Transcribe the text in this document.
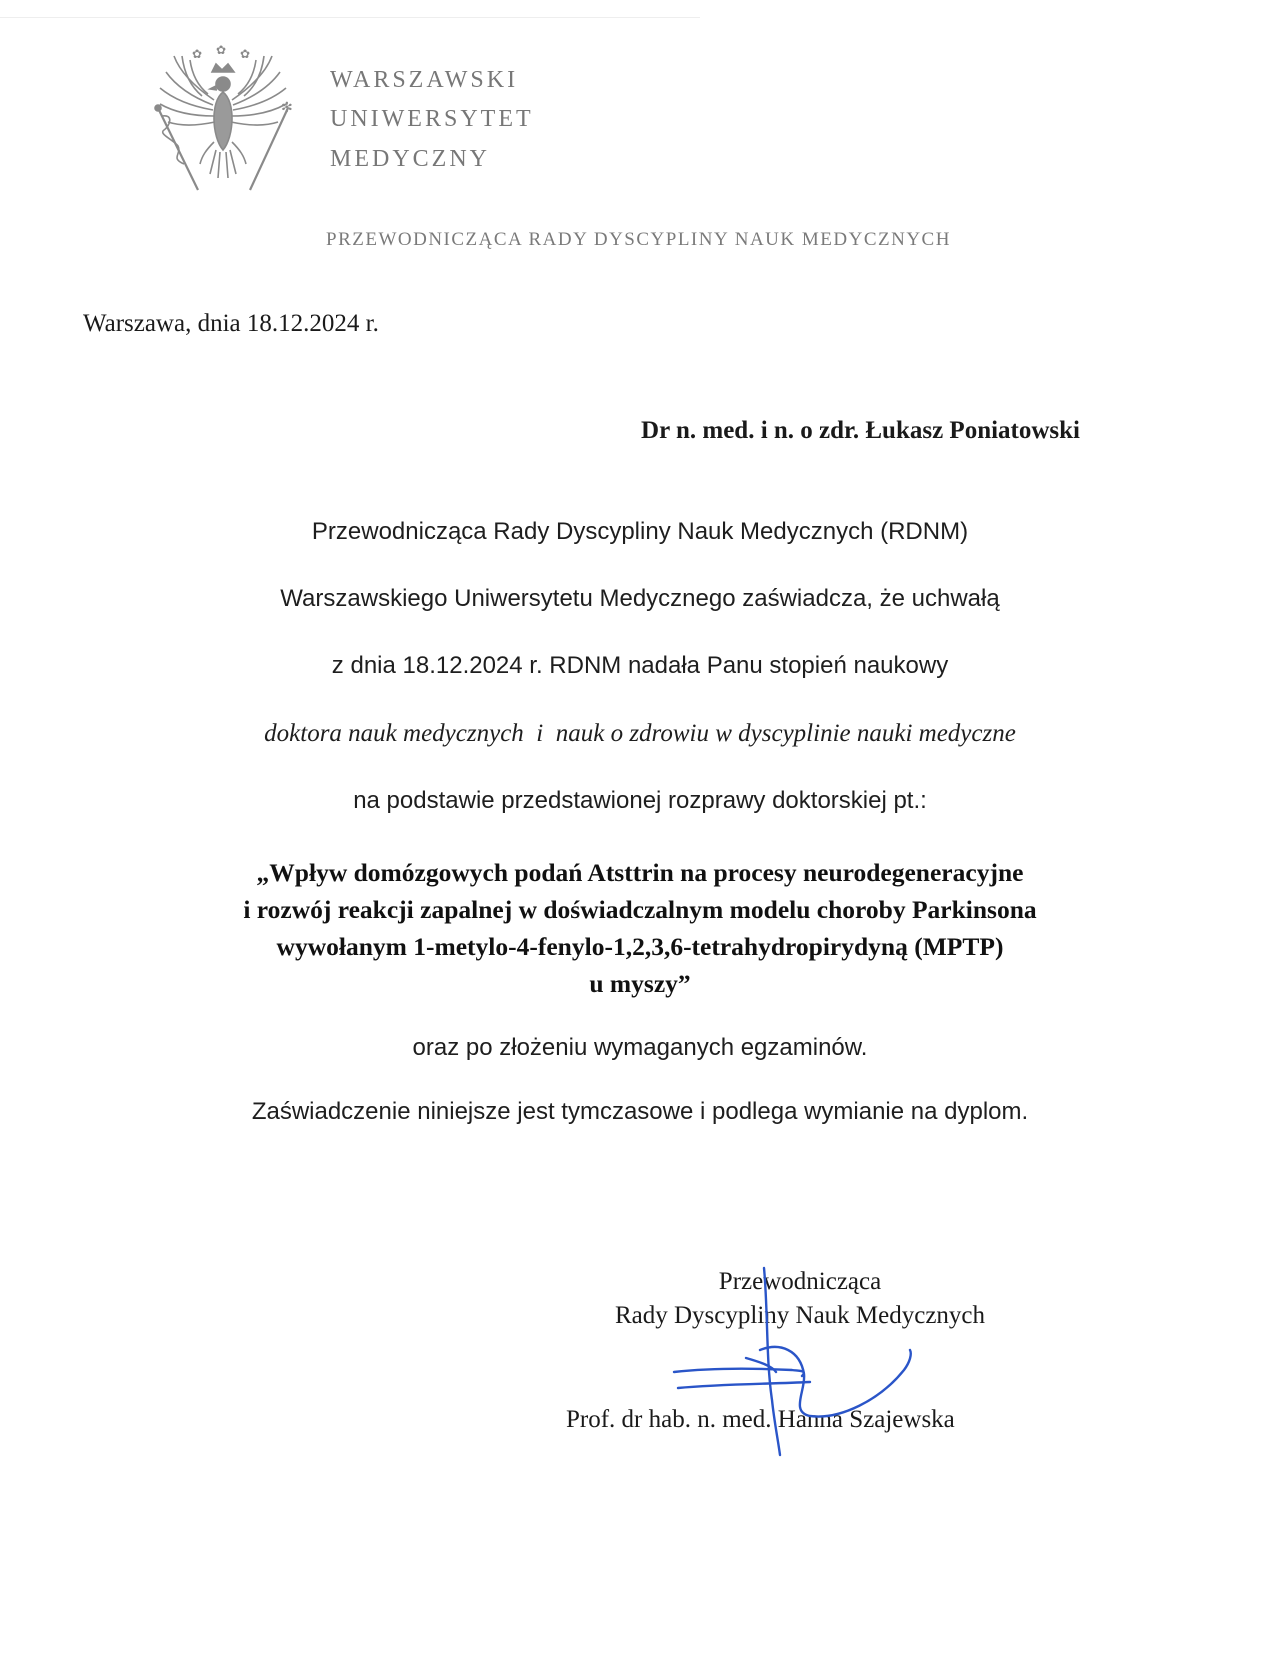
✿ ✿ ✿
✻
WARSZAWSKI
UNIWERSYTET
MEDYCZNY
PRZEWODNICZĄCA RADY DYSCYPLINY NAUK MEDYCZNYCH
Warszawa, dnia 18.12.2024 r.
Dr n. med. i n. o zdr. Łukasz Poniatowski
Przewodnicząca Rady Dyscypliny Nauk Medycznych (RDNM)
Warszawskiego Uniwersytetu Medycznego zaświadcza, że uchwałą
z dnia 18.12.2024 r. RDNM nadała Panu stopień naukowy
doktora nauk medycznych  i  nauk o zdrowiu w dyscyplinie nauki medyczne
na podstawie przedstawionej rozprawy doktorskiej pt.:
„Wpływ domózgowych podań Atsttrin na procesy neurodegeneracyjne
i rozwój reakcji zapalnej w doświadczalnym modelu choroby Parkinsona
wywołanym 1-metylo-4-fenylo-1,2,3,6-tetrahydropirydyną (MPTP)
u myszy”
oraz po złożeniu wymaganych egzaminów.
Zaświadczenie niniejsze jest tymczasowe i podlega wymianie na dyplom.
Przewodnicząca
Rady Dyscypliny Nauk Medycznych
Prof. dr hab. n. med. Hanna Szajewska
